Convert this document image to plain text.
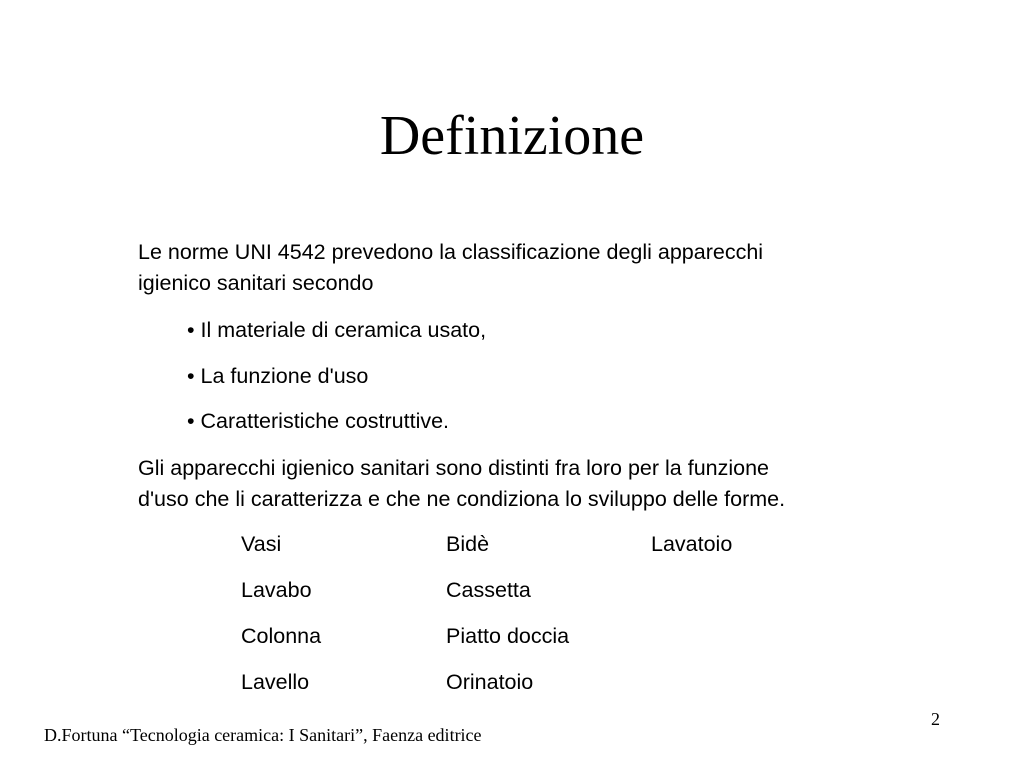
Definizione
Le norme UNI 4542 prevedono la classificazione degli apparecchi
igienico sanitari secondo
• Il materiale di ceramica usato,
• La funzione d'uso
• Caratteristiche costruttive.
Gli apparecchi igienico sanitari sono distinti fra loro per la funzione
d'uso che li caratterizza e che ne condiziona lo sviluppo delle forme.
Vasi	Bidè	Lavatoio
Lavabo	Cassetta
Colonna	Piatto doccia
Lavello	Orinatoio
2
D.Fortuna “Tecnologia ceramica: I Sanitari”, Faenza editrice
